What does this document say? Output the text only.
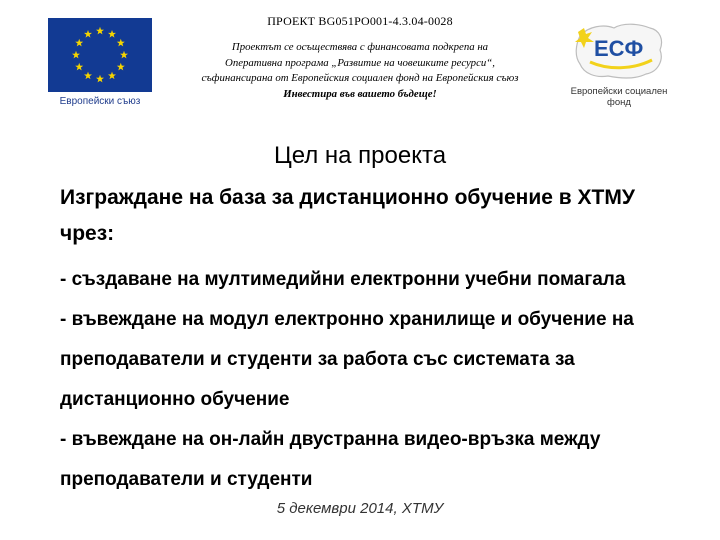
ПРОЕКТ BG051PO001-4.3.04-0028
Европейски съюз
Проектът се осъществява с финансовата подкрепа на
Оперативна програма „Развитие на човешките ресурси“,
съфинансирана от Европейския социален фонд на Европейския съюз
Инвестира във вашето бъдеще!
ЕСФ
Европейски социален фонд
Цел на проекта
Изграждане на база за дистанционно обучение в ХТМУ чрез:
- създаване на мултимедийни електронни учебни помагала
- въвеждане на модул електронно хранилище и обучение на преподаватели и студенти за работа със системата за дистанционно обучение
- въвеждане на он-лайн двустранна видео-връзка между преподаватели и студенти
5 декември 2014, ХТМУ
